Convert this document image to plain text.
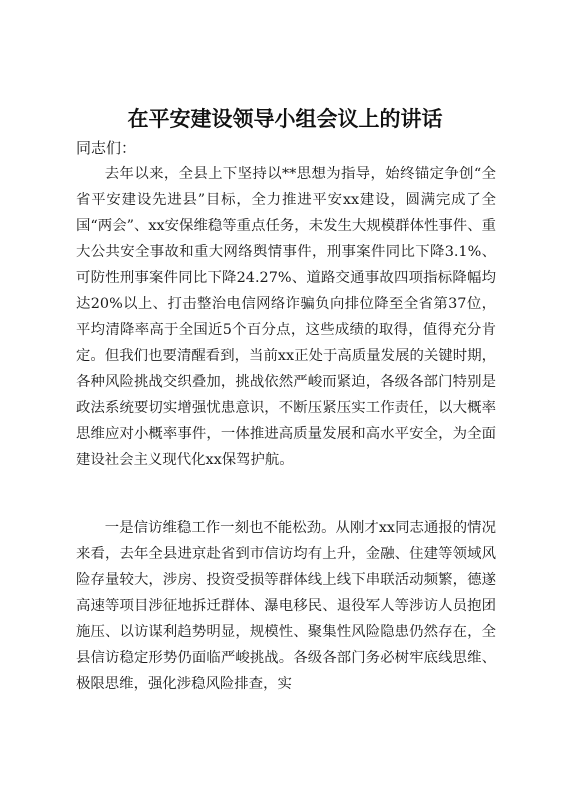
在平安建设领导小组会议上的讲话
同志们：

去年以来，全县上下坚持以**思想为指导，始终锚定争创“全省平安建设先进县”目标，全力推进平安xx建设，圆满完成了全国“两会”、xx安保维稳等重点任务，未发生大规模群体性事件、重大公共安全事故和重大网络舆情事件，刑事案件同比下降3.1%、可防性刑事案件同比下降24.27%、道路交通事故四项指标降幅均达20%以上、打击整治电信网络诈骗负向排位降至全省第37位，平均清降率高于全国近5个百分点，这些成绩的取得，值得充分肯定。但我们也要清醒看到，当前xx正处于高质量发展的关键时期，各种风险挑战交织叠加，挑战依然严峻而紧迫，各级各部门特别是政法系统要切实增强忧患意识，不断压紧压实工作责任，以大概率思维应对小概率事件，一体推进高质量发展和高水平安全，为全面建设社会主义现代化xx保驾护航。

一是信访维稳工作一刻也不能松劲。从刚才xx同志通报的情况来看，去年全县进京赴省到市信访均有上升，金融、住建等领域风险存量较大，涉房、投资受损等群体线上线下串联活动频繁，德遂高速等项目涉征地拆迁群体、瀑电移民、退役军人等涉访人员抱团施压、以访谋利趋势明显，规模性、聚集性风险隐患仍然存在，全县信访稳定形势仍面临严峻挑战。各级各部门务必树牢底线思维、极限思维，强化涉稳风险排查，实
